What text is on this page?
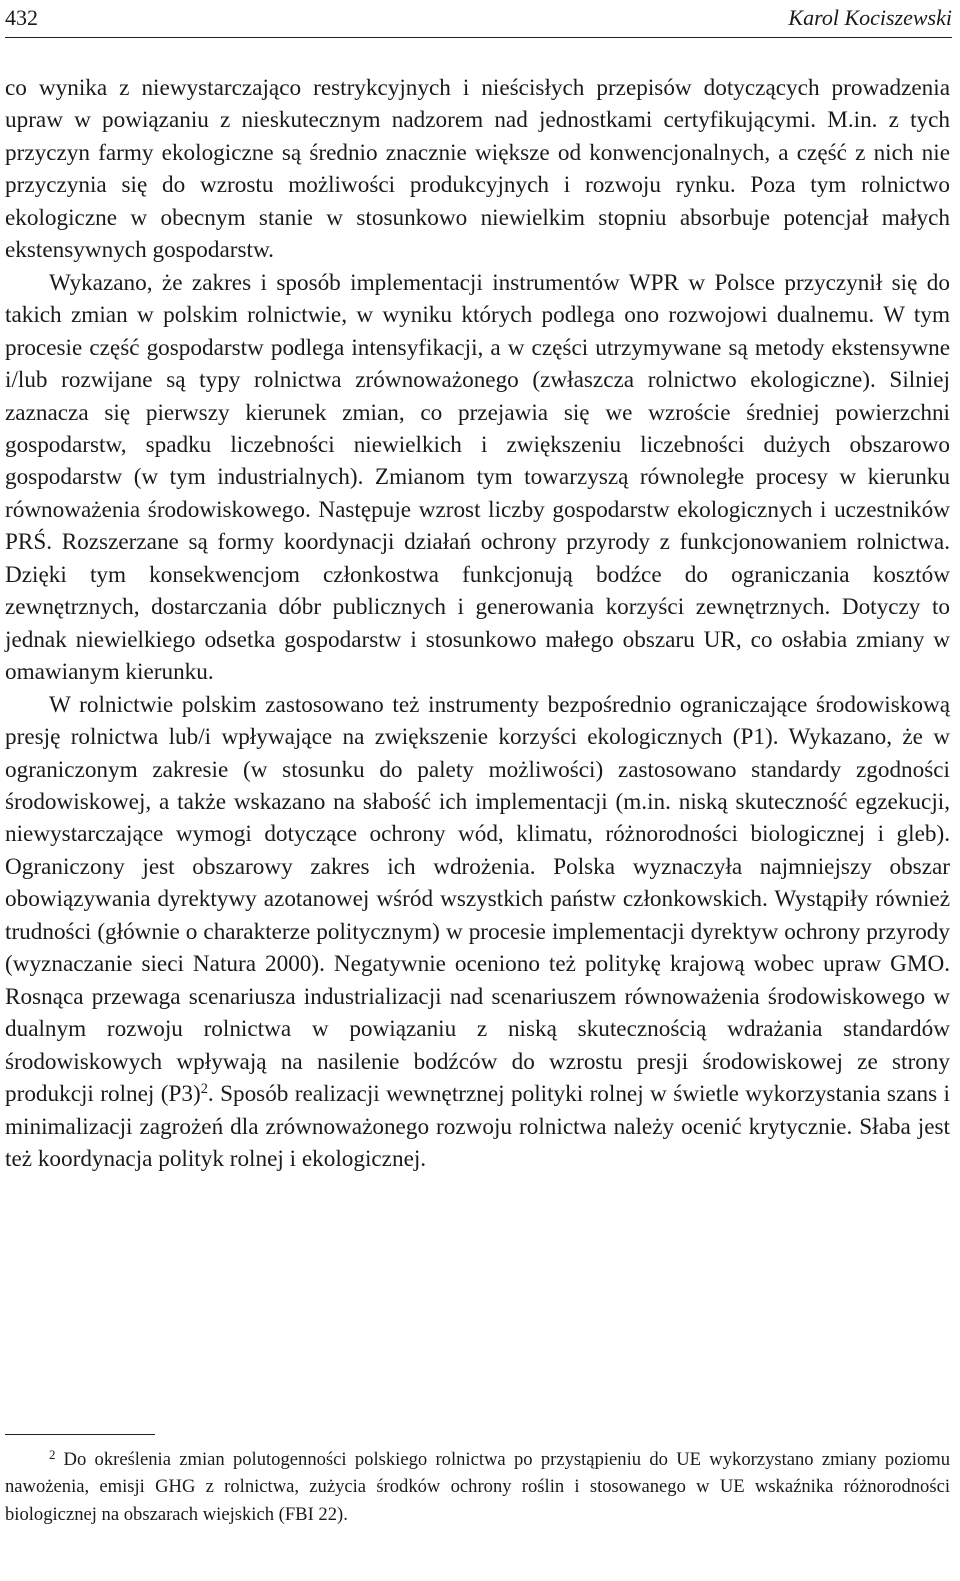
432	Karol Kociszewski

co wynika z niewystarczająco restrykcyjnych i nieścisłych przepisów dotyczących prowadzenia upraw w powiązaniu z nieskutecznym nadzorem nad jednostkami certyfikującymi. M.in. z tych przyczyn farmy ekologiczne są średnio znacznie większe od konwencjonalnych, a część z nich nie przyczynia się do wzrostu możliwości produkcyjnych i rozwoju rynku. Poza tym rolnictwo ekologiczne w obecnym stanie w stosunkowo niewielkim stopniu absorbuje potencjał małych ekstensywnych gospodarstw.

Wykazano, że zakres i sposób implementacji instrumentów WPR w Polsce przyczynił się do takich zmian w polskim rolnictwie, w wyniku których podlega ono rozwojowi dualnemu. W tym procesie część gospodarstw podlega intensyfikacji, a w części utrzymywane są metody ekstensywne i/lub rozwijane są typy rolnictwa zrównoważonego (zwłaszcza rolnictwo ekologiczne). Silniej zaznacza się pierwszy kierunek zmian, co przejawia się we wzroście średniej powierzchni gospodarstw, spadku liczebności niewielkich i zwiększeniu liczebności dużych obszarowo gospodarstw (w tym industrialnych). Zmianom tym towarzyszą równoległe procesy w kierunku równoważenia środowiskowego. Następuje wzrost liczby gospodarstw ekologicznych i uczestników PRŚ. Rozszerzane są formy koordynacji działań ochrony przyrody z funkcjonowaniem rolnictwa. Dzięki tym konsekwencjom członkostwa funkcjonują bodźce do ograniczania kosztów zewnętrznych, dostarczania dóbr publicznych i generowania korzyści zewnętrznych. Dotyczy to jednak niewielkiego odsetka gospodarstw i stosunkowo małego obszaru UR, co osłabia zmiany w omawianym kierunku.

W rolnictwie polskim zastosowano też instrumenty bezpośrednio ograniczające środowiskową presję rolnictwa lub/i wpływające na zwiększenie korzyści ekologicznych (P1). Wykazano, że w ograniczonym zakresie (w stosunku do palety możliwości) zastosowano standardy zgodności środowiskowej, a także wskazano na słabość ich implementacji (m.in. niską skuteczność egzekucji, niewystarczające wymogi dotyczące ochrony wód, klimatu, różnorodności biologicznej i gleb). Ograniczony jest obszarowy zakres ich wdrożenia. Polska wyznaczyła najmniejszy obszar obowiązywania dyrektywy azotanowej wśród wszystkich państw członkowskich. Wystąpiły również trudności (głównie o charakterze politycznym) w procesie implementacji dyrektyw ochrony przyrody (wyznaczanie sieci Natura 2000). Negatywnie oceniono też politykę krajową wobec upraw GMO. Rosnąca przewaga scenariusza industrializacji nad scenariuszem równoważenia środowiskowego w dualnym rozwoju rolnictwa w powiązaniu z niską skutecznością wdrażania standardów środowiskowych wpływają na nasilenie bodźców do wzrostu presji środowiskowej ze strony produkcji rolnej $(P3)^2$. Sposób realizacji wewnętrznej polityki rolnej w świetle wykorzystania szans i minimalizacji zagrożeń dla zrównoważonego rozwoju rolnictwa należy ocenić krytycznie. Słaba jest też koordynacja polityk rolnej i ekologicznej.

$^2$ Do określenia zmian polutogenności polskiego rolnictwa po przystąpieniu do UE wykorzystano zmiany poziomu nawożenia, emisji GHG z rolnictwa, zużycia środków ochrony roślin i stosowanego w UE wskaźnika różnorodności biologicznej na obszarach wiejskich (FBI 22).
